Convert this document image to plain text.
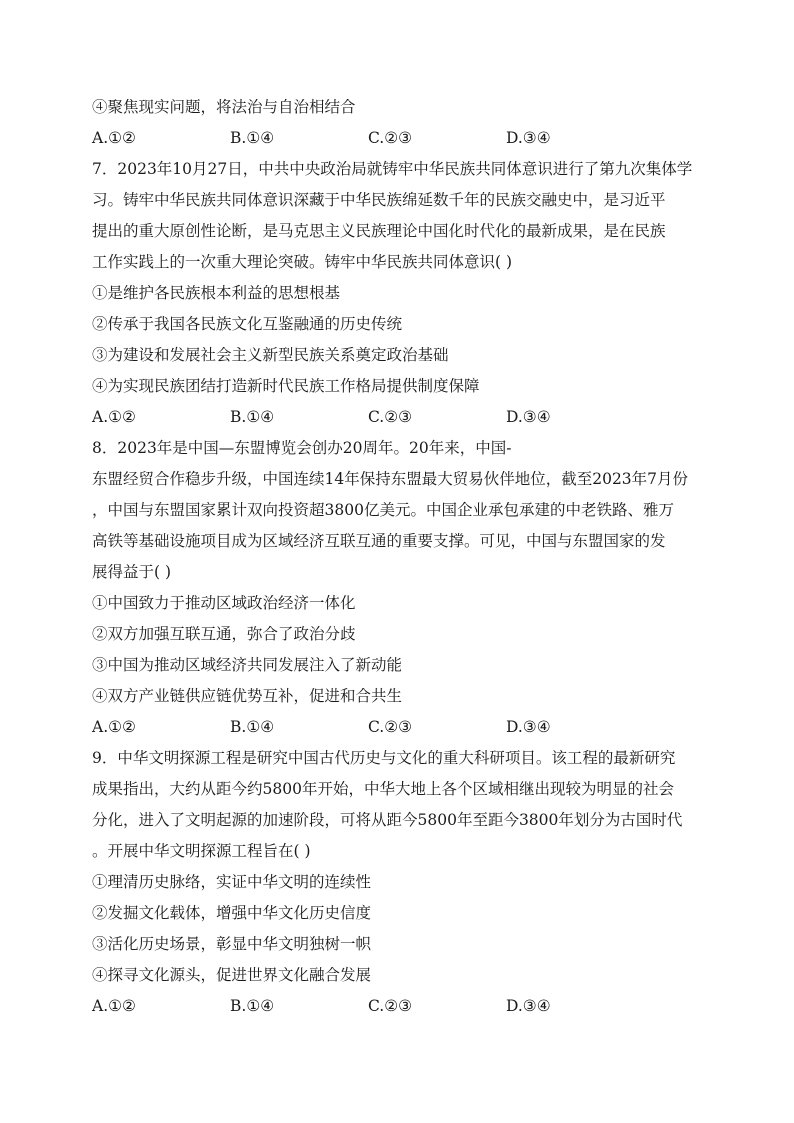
④聚焦现实问题，将法治与自治相结合
A.①②	B.①④	C.②③	D.③④
7．2023年10月27日，中共中央政治局就铸牢中华民族共同体意识进行了第九次集体学
习。铸牢中华民族共同体意识深藏于中华民族绵延数千年的民族交融史中，是习近平
提出的重大原创性论断，是马克思主义民族理论中国化时代化的最新成果，是在民族
工作实践上的一次重大理论突破。铸牢中华民族共同体意识( )
①是维护各民族根本利益的思想根基
②传承于我国各民族文化互鉴融通的历史传统
③为建设和发展社会主义新型民族关系奠定政治基础
④为实现民族团结打造新时代民族工作格局提供制度保障
A.①②	B.①④	C.②③	D.③④
8．2023年是中国—东盟博览会创办20周年。20年来，中国-
东盟经贸合作稳步升级，中国连续14年保持东盟最大贸易伙伴地位，截至2023年7月份
，中国与东盟国家累计双向投资超3800亿美元。中国企业承包承建的中老铁路、雅万
高铁等基础设施项目成为区域经济互联互通的重要支撑。可见，中国与东盟国家的发
展得益于( )
①中国致力于推动区域政治经济一体化
②双方加强互联互通，弥合了政治分歧
③中国为推动区域经济共同发展注入了新动能
④双方产业链供应链优势互补，促进和合共生
A.①②	B.①④	C.②③	D.③④
9．中华文明探源工程是研究中国古代历史与文化的重大科研项目。该工程的最新研究
成果指出，大约从距今约5800年开始，中华大地上各个区域相继出现较为明显的社会
分化，进入了文明起源的加速阶段，可将从距今5800年至距今3800年划分为古国时代
。开展中华文明探源工程旨在( )
①理清历史脉络，实证中华文明的连续性
②发掘文化载体，增强中华文化历史信度
③活化历史场景，彰显中华文明独树一帜
④探寻文化源头，促进世界文化融合发展
A.①②	B.①④	C.②③	D.③④
